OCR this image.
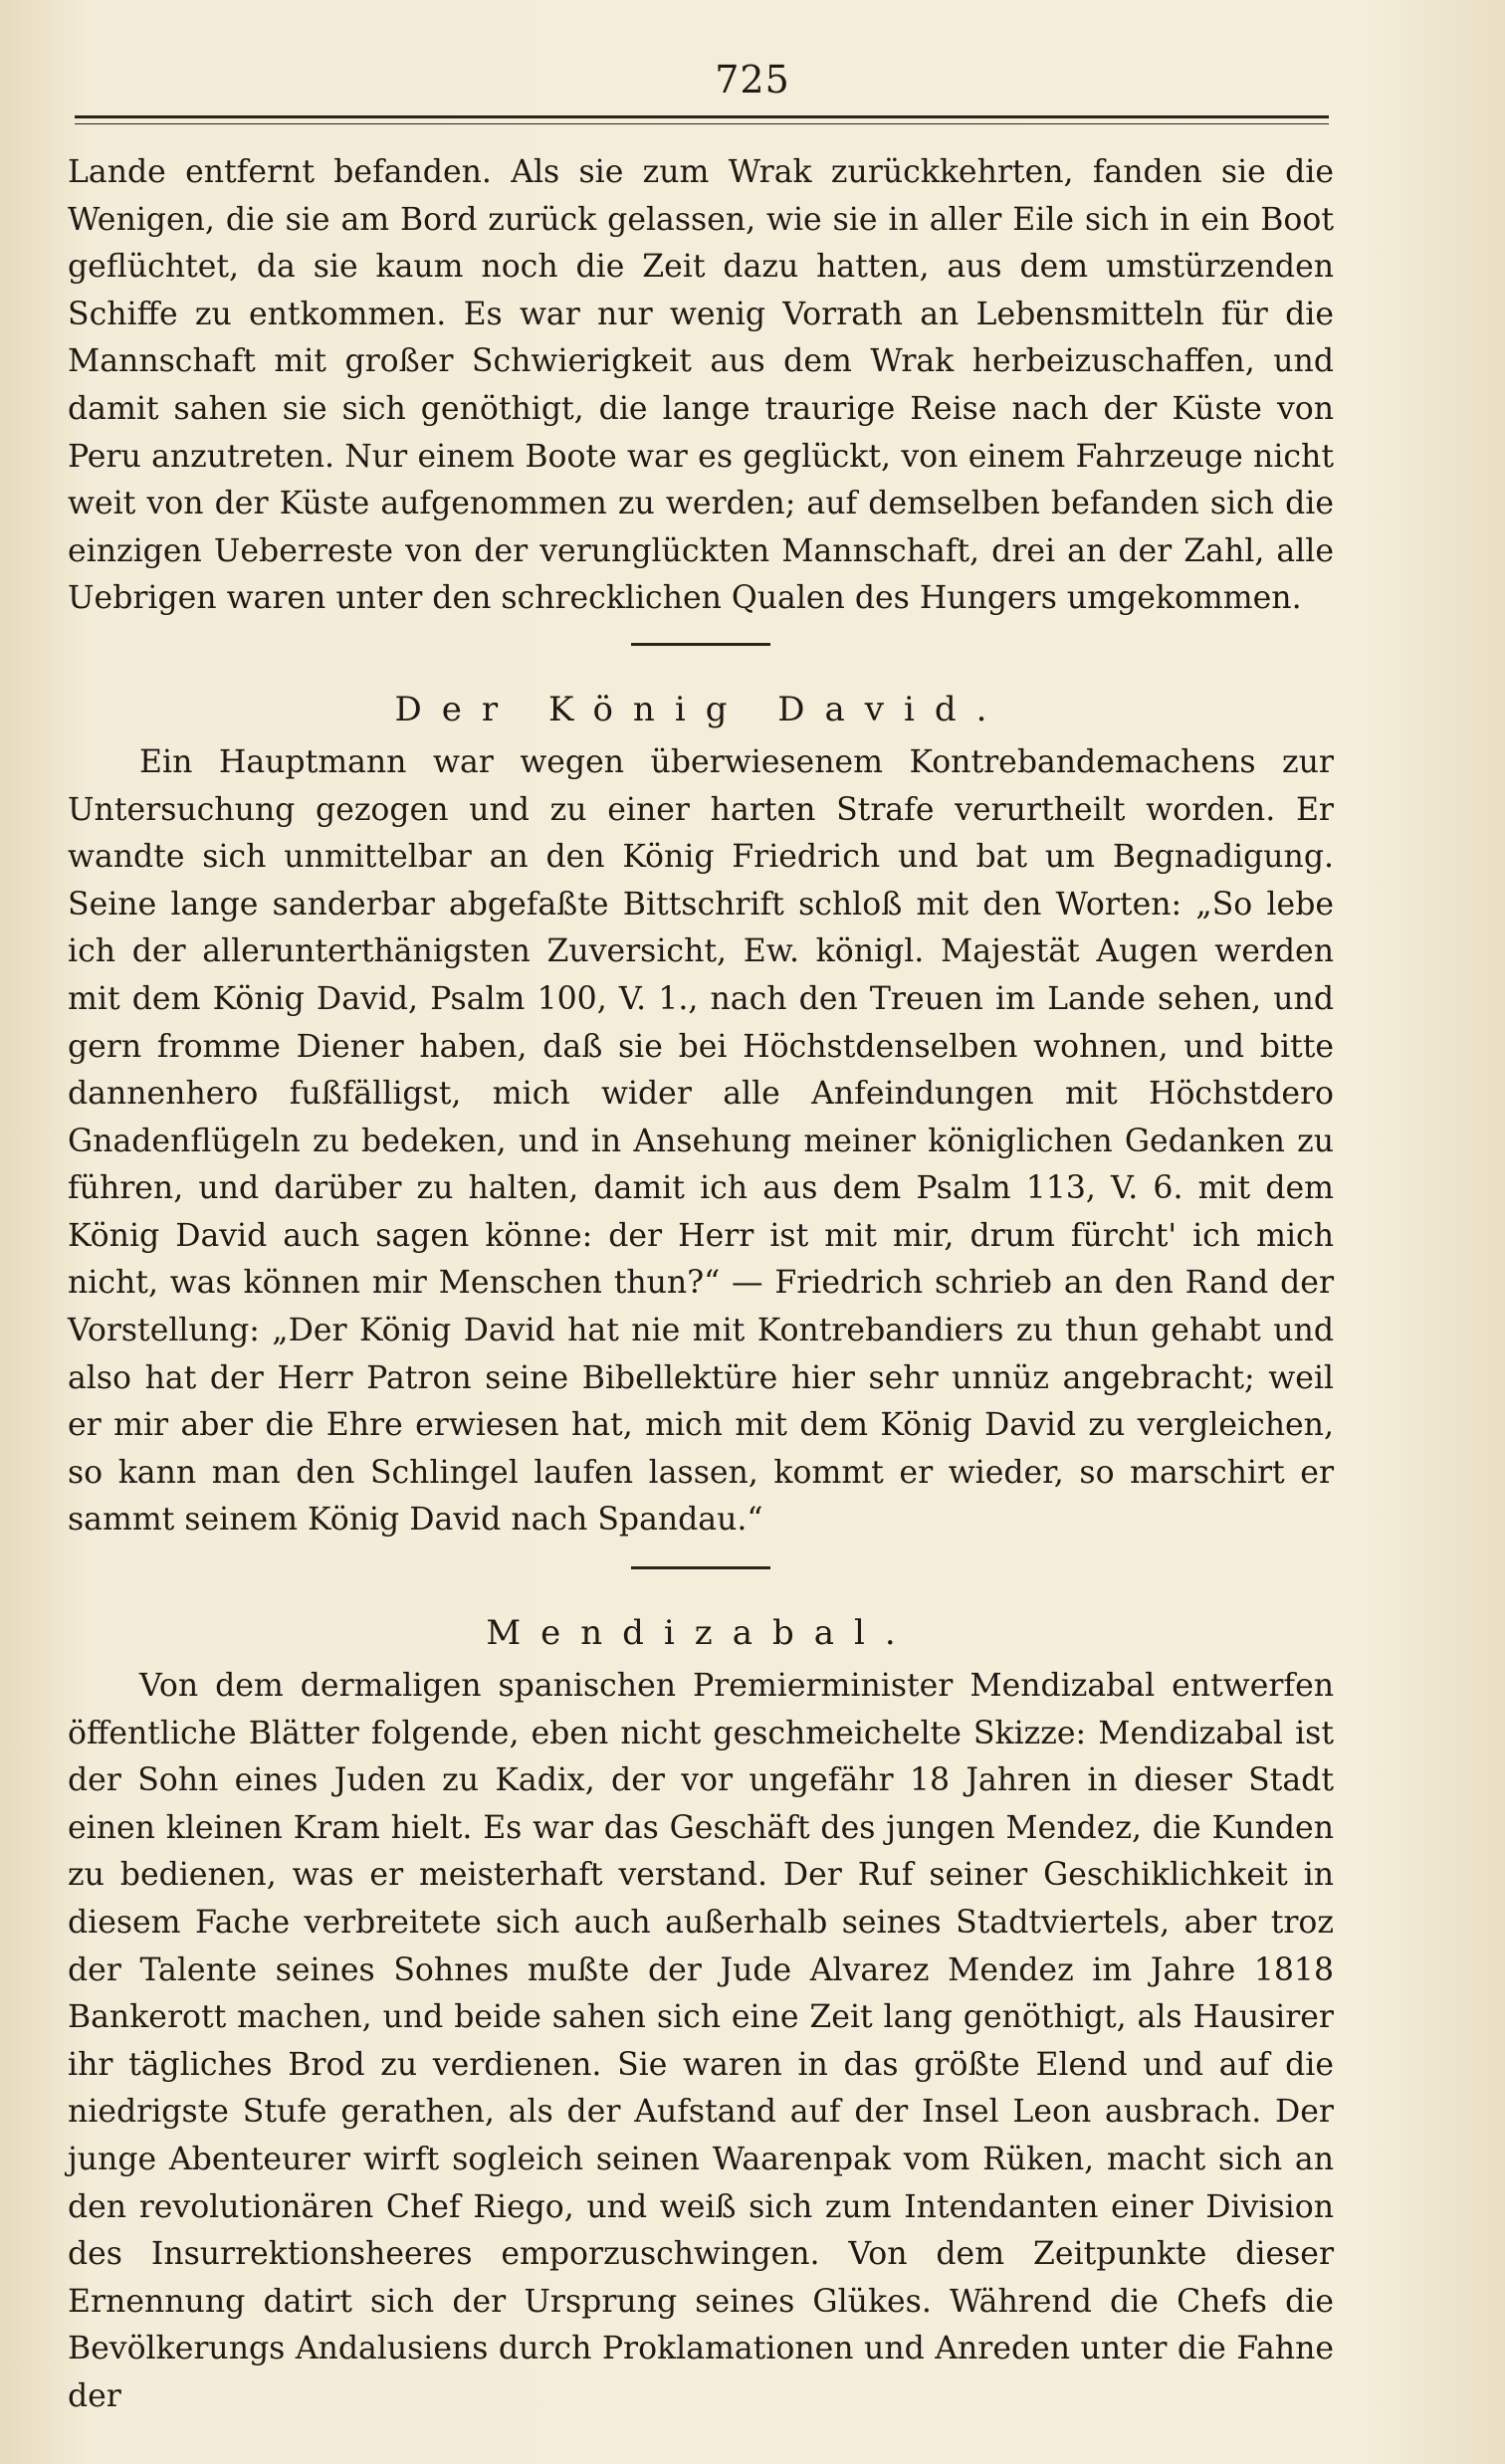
725

Lande entfernt befanden. Als sie zum Wrak zurückkehrten, fanden sie die Wenigen, die sie am Bord zurück gelassen, wie sie in aller Eile sich in ein Boot geflüchtet, da sie kaum noch die Zeit dazu hatten, aus dem umstürzenden Schiffe zu entkommen. Es war nur wenig Vorrath an Lebensmitteln für die Mannschaft mit großer Schwierigkeit aus dem Wrak herbeizuschaffen, und damit sahen sie sich genöthigt, die lange traurige Reise nach der Küste von Peru anzutreten. Nur einem Boote war es geglückt, von einem Fahrzeuge nicht weit von der Küste aufgenommen zu werden; auf demselben befanden sich die einzigen Ueberreste von der verunglückten Mannschaft, drei an der Zahl, alle Uebrigen waren unter den schrecklichen Qualen des Hungers umgekommen.

Der König David.

Ein Hauptmann war wegen überwiesenem Kontrebandemachens zur Untersuchung gezogen und zu einer harten Strafe verurtheilt worden. Er wandte sich unmittelbar an den König Friedrich und bat um Begnadigung. Seine lange sanderbar abgefaßte Bittschrift schloß mit den Worten: „So lebe ich der allerunterthänigsten Zuversicht, Ew. königl. Majestät Augen werden mit dem König David, Psalm 100, V. 1., nach den Treuen im Lande sehen, und gern fromme Diener haben, daß sie bei Höchstdenselben wohnen, und bitte dannenhero fußfälligst, mich wider alle Anfeindungen mit Höchstdero Gnadenflügeln zu bedeken, und in Ansehung meiner königlichen Gedanken zu führen, und darüber zu halten, damit ich aus dem Psalm 113, V. 6. mit dem König David auch sagen könne: der Herr ist mit mir, drum fürcht' ich mich nicht, was können mir Menschen thun?“ — Friedrich schrieb an den Rand der Vorstellung: „Der König David hat nie mit Kontrebandiers zu thun gehabt und also hat der Herr Patron seine Bibellektüre hier sehr unnüz angebracht; weil er mir aber die Ehre erwiesen hat, mich mit dem König David zu vergleichen, so kann man den Schlingel laufen lassen, kommt er wieder, so marschirt er sammt seinem König David nach Spandau.“

Mendizabal.

Von dem dermaligen spanischen Premierminister Mendizabal entwerfen öffentliche Blätter folgende, eben nicht geschmeichelte Skizze: Mendizabal ist der Sohn eines Juden zu Kadix, der vor ungefähr 18 Jahren in dieser Stadt einen kleinen Kram hielt. Es war das Geschäft des jungen Mendez, die Kunden zu bedienen, was er meisterhaft verstand. Der Ruf seiner Geschiklichkeit in diesem Fache verbreitete sich auch außerhalb seines Stadtviertels, aber troz der Talente seines Sohnes mußte der Jude Alvarez Mendez im Jahre 1818 Bankerott machen, und beide sahen sich eine Zeit lang genöthigt, als Hausirer ihr tägliches Brod zu verdienen. Sie waren in das größte Elend und auf die niedrigste Stufe gerathen, als der Aufstand auf der Insel Leon ausbrach. Der junge Abenteurer wirft sogleich seinen Waarenpak vom Rüken, macht sich an den revolutionären Chef Riego, und weiß sich zum Intendanten einer Division des Insurrektionsheeres emporzuschwingen. Von dem Zeitpunkte dieser Ernennung datirt sich der Ursprung seines Glükes. Während die Chefs die Bevölkerungs Andalusiens durch Proklamationen und Anreden unter die Fahne der
